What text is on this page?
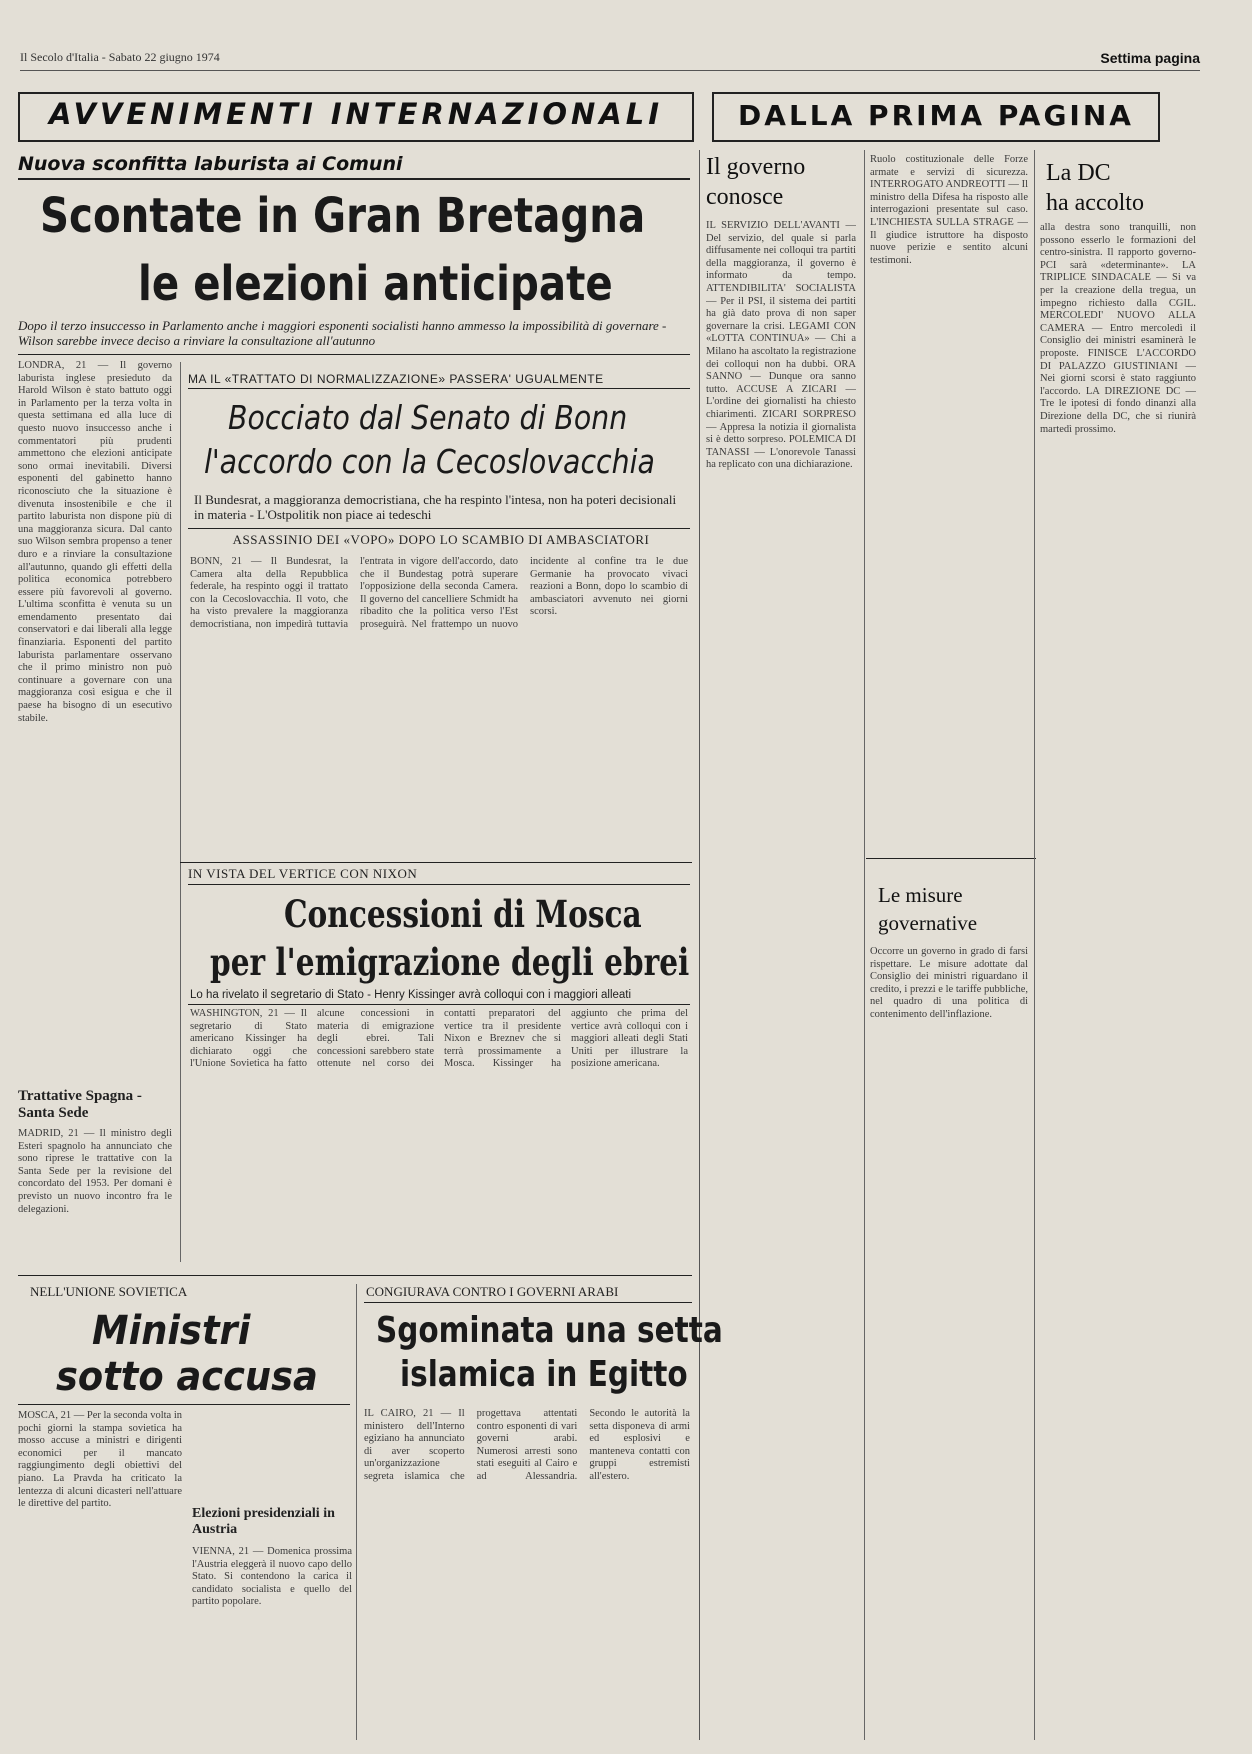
Il Secolo d'Italia - Sabato 22 giugno 1974	Settima pagina
AVVENIMENTI INTERNAZIONALI	DALLA PRIMA PAGINA
Nuova sconfitta laburista ai Comuni
Scontate in Gran Bretagna
le elezioni anticipate
Dopo il terzo insuccesso in Parlamento anche i maggiori esponenti socialisti hanno ammesso la impossibilità di governare - Wilson sarebbe invece deciso a rinviare la consultazione all'autunno
LONDRA, 21 — Il governo laburista inglese presieduto da Harold Wilson è stato battuto oggi in Parlamento per la terza volta in questa settimana ed alla luce di questo nuovo insuccesso anche i commentatori più prudenti ammettono che elezioni anticipate sono ormai inevitabili. Diversi esponenti del gabinetto hanno riconosciuto che la situazione è divenuta insostenibile e che il partito laburista non dispone più di una maggioranza sicura. Dal canto suo Wilson sembra propenso a tener duro e a rinviare la consultazione all'autunno, quando gli effetti della politica economica potrebbero essere più favorevoli al governo. L'ultima sconfitta è venuta su un emendamento presentato dai conservatori e dai liberali alla legge finanziaria. Esponenti del partito laburista parlamentare osservano che il primo ministro non può continuare a governare con una maggioranza così esigua e che il paese ha bisogno di un esecutivo stabile.
Trattative Spagna - Santa Sede
MADRID, 21 — Il ministro degli Esteri spagnolo ha annunciato che sono riprese le trattative con la Santa Sede per la revisione del concordato del 1953. Per domani è previsto un nuovo incontro fra le delegazioni.
MA IL «TRATTATO DI NORMALIZZAZIONE» PASSERA' UGUALMENTE
Bocciato dal Senato di Bonn
l'accordo con la Cecoslovacchia
Il Bundesrat, a maggioranza democristiana, che ha respinto l'intesa, non ha poteri decisionali in materia - L'Ostpolitik non piace ai tedeschi
ASSASSINIO DEI «VOPO» DOPO LO SCAMBIO DI AMBASCIATORI
BONN, 21 — Il Bundesrat, la Camera alta della Repubblica federale, ha respinto oggi il trattato con la Cecoslovacchia. Il voto, che ha visto prevalere la maggioranza democristiana, non impedirà tuttavia l'entrata in vigore dell'accordo, dato che il Bundestag potrà superare l'opposizione della seconda Camera. Il governo del cancelliere Schmidt ha ribadito che la politica verso l'Est proseguirà. Nel frattempo un nuovo incidente al confine tra le due Germanie ha provocato vivaci reazioni a Bonn, dopo lo scambio di ambasciatori avvenuto nei giorni scorsi.
IN VISTA DEL VERTICE CON NIXON
Concessioni di Mosca
per l'emigrazione degli ebrei
Lo ha rivelato il segretario di Stato - Henry Kissinger avrà colloqui con i maggiori alleati
WASHINGTON, 21 — Il segretario di Stato americano Kissinger ha dichiarato oggi che l'Unione Sovietica ha fatto alcune concessioni in materia di emigrazione degli ebrei. Tali concessioni sarebbero state ottenute nel corso dei contatti preparatori del vertice tra il presidente Nixon e Breznev che si terrà prossimamente a Mosca. Kissinger ha aggiunto che prima del vertice avrà colloqui con i maggiori alleati degli Stati Uniti per illustrare la posizione americana.
NELL'UNIONE SOVIETICA
Ministri
sotto accusa
MOSCA, 21 — Per la seconda volta in pochi giorni la stampa sovietica ha mosso accuse a ministri e dirigenti economici per il mancato raggiungimento degli obiettivi del piano. La Pravda ha criticato la lentezza di alcuni dicasteri nell'attuare le direttive del partito.
Elezioni presidenziali in Austria
VIENNA, 21 — Domenica prossima l'Austria eleggerà il nuovo capo dello Stato. Si contendono la carica il candidato socialista e quello del partito popolare.
CONGIURAVA CONTRO I GOVERNI ARABI
Sgominata una setta
islamica in Egitto
IL CAIRO, 21 — Il ministero dell'Interno egiziano ha annunciato di aver scoperto un'organizzazione segreta islamica che progettava attentati contro esponenti di vari governi arabi. Numerosi arresti sono stati eseguiti al Cairo e ad Alessandria. Secondo le autorità la setta disponeva di armi ed esplosivi e manteneva contatti con gruppi estremisti all'estero.
Il governo
conosce
IL SERVIZIO DELL'AVANTI — Del servizio, del quale si parla diffusamente nei colloqui tra partiti della maggioranza, il governo è informato da tempo. ATTENDIBILITA' SOCIALISTA — Per il PSI, il sistema dei partiti ha già dato prova di non saper governare la crisi. LEGAMI CON «LOTTA CONTINUA» — Chi a Milano ha ascoltato la registrazione dei colloqui non ha dubbi. ORA SANNO — Dunque ora sanno tutto. ACCUSE A ZICARI — L'ordine dei giornalisti ha chiesto chiarimenti. ZICARI SORPRESO — Appresa la notizia il giornalista si è detto sorpreso. POLEMICA DI TANASSI — L'onorevole Tanassi ha replicato con una dichiarazione.
Ruolo costituzionale delle Forze armate e servizi di sicurezza. INTERROGATO ANDREOTTI — Il ministro della Difesa ha risposto alle interrogazioni presentate sul caso. L'INCHIESTA SULLA STRAGE — Il giudice istruttore ha disposto nuove perizie e sentito alcuni testimoni.
Le misure
governative
Occorre un governo in grado di farsi rispettare. Le misure adottate dal Consiglio dei ministri riguardano il credito, i prezzi e le tariffe pubbliche, nel quadro di una politica di contenimento dell'inflazione.
La DC
ha accolto
alla destra sono tranquilli, non possono esserlo le formazioni del centro-sinistra. Il rapporto governo-PCI sarà «determinante». LA TRIPLICE SINDACALE — Si va per la creazione della tregua, un impegno richiesto dalla CGIL. MERCOLEDI' NUOVO ALLA CAMERA — Entro mercoledì il Consiglio dei ministri esaminerà le proposte. FINISCE L'ACCORDO DI PALAZZO GIUSTINIANI — Nei giorni scorsi è stato raggiunto l'accordo. LA DIREZIONE DC — Tre le ipotesi di fondo dinanzi alla Direzione della DC, che si riunirà martedì prossimo.
